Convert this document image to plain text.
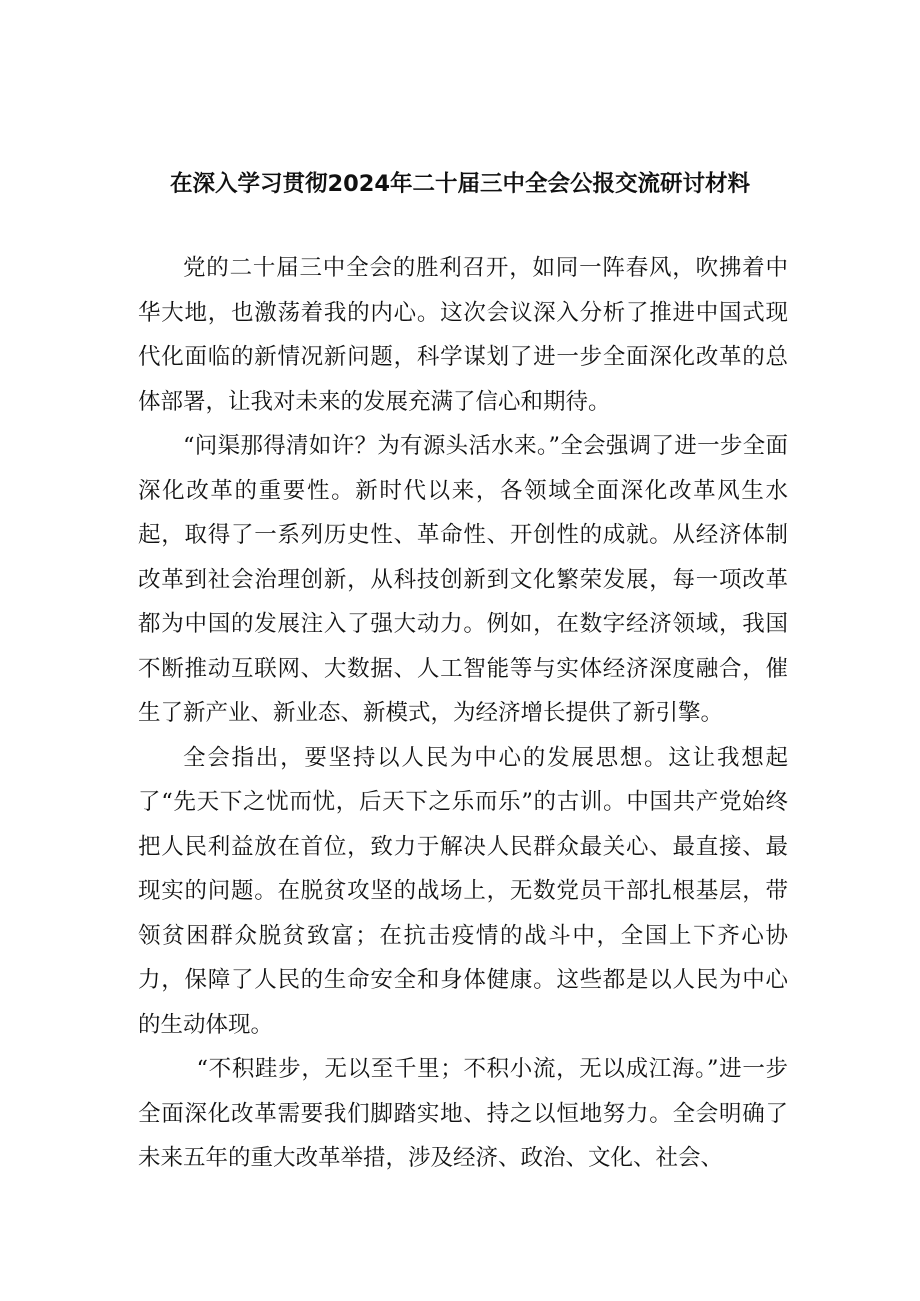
在深入学习贯彻2024年二十届三中全会公报交流研讨材料

党的二十届三中全会的胜利召开，如同一阵春风，吹拂着中华大地，也激荡着我的内心。这次会议深入分析了推进中国式现代化面临的新情况新问题，科学谋划了进一步全面深化改革的总体部署，让我对未来的发展充满了信心和期待。

“问渠那得清如许？为有源头活水来。”全会强调了进一步全面深化改革的重要性。新时代以来，各领域全面深化改革风生水起，取得了一系列历史性、革命性、开创性的成就。从经济体制改革到社会治理创新，从科技创新到文化繁荣发展，每一项改革都为中国的发展注入了强大动力。例如，在数字经济领域，我国不断推动互联网、大数据、人工智能等与实体经济深度融合，催生了新产业、新业态、新模式，为经济增长提供了新引擎。

全会指出，要坚持以人民为中心的发展思想。这让我想起了“先天下之忧而忧，后天下之乐而乐”的古训。中国共产党始终把人民利益放在首位，致力于解决人民群众最关心、最直接、最现实的问题。在脱贫攻坚的战场上，无数党员干部扎根基层，带领贫困群众脱贫致富；在抗击疫情的战斗中，全国上下齐心协力，保障了人民的生命安全和身体健康。这些都是以人民为中心的生动体现。

“不积跬步，无以至千里；不积小流，无以成江海。”进一步全面深化改革需要我们脚踏实地、持之以恒地努力。全会明确了未来五年的重大改革举措，涉及经济、政治、文化、社会、
